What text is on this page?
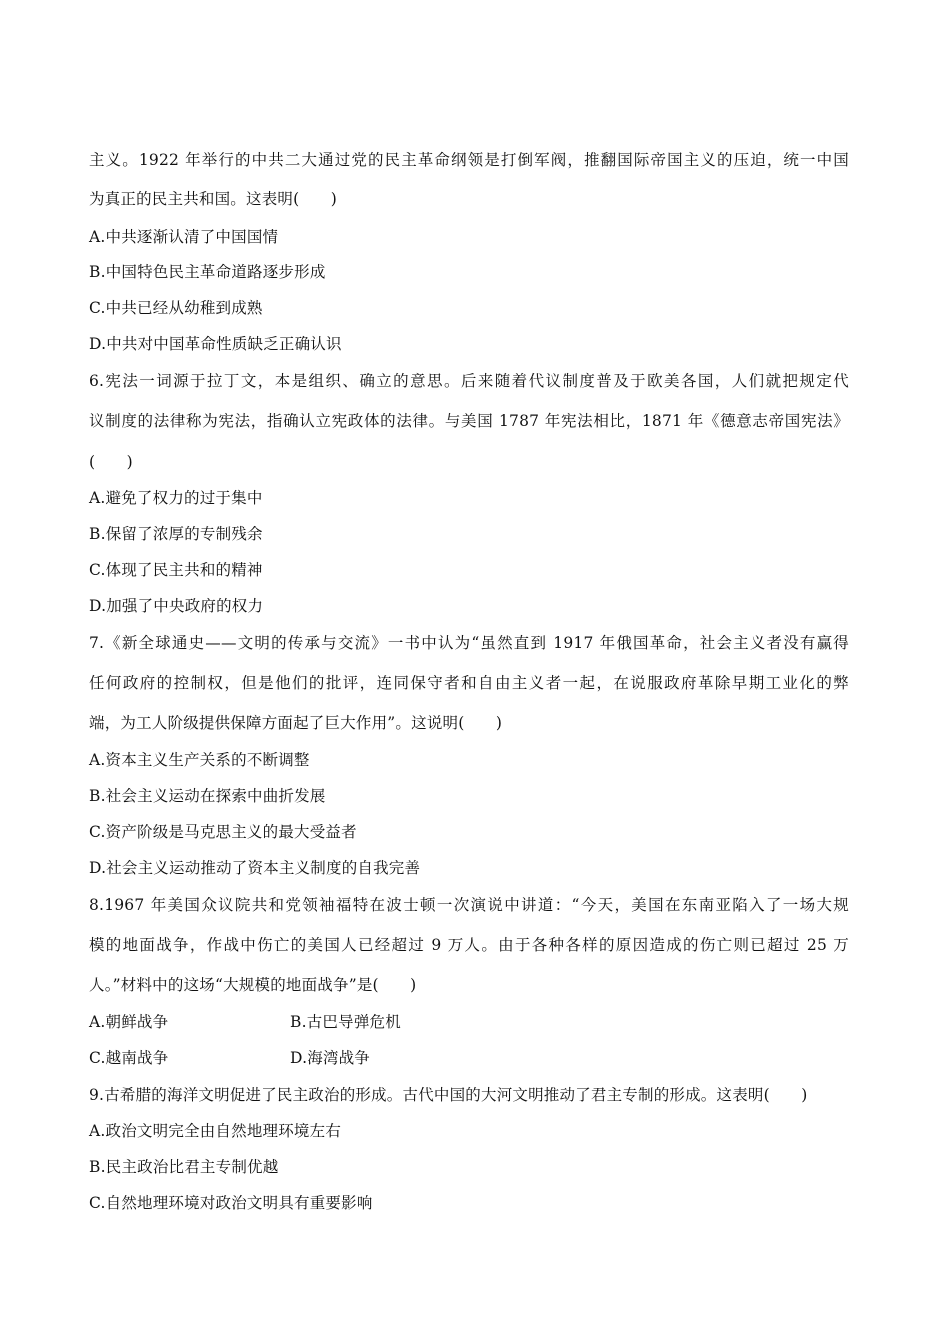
主义。1922 年举行的中共二大通过党的民主革命纲领是打倒军阀，推翻国际帝国主义的压迫，统一中国
为真正的民主共和国。这表明(　　)
A.中共逐渐认清了中国国情
B.中国特色民主革命道路逐步形成
C.中共已经从幼稚到成熟
D.中共对中国革命性质缺乏正确认识
6.宪法一词源于拉丁文，本是组织、确立的意思。后来随着代议制度普及于欧美各国，人们就把规定代
议制度的法律称为宪法，指确认立宪政体的法律。与美国 1787 年宪法相比，1871 年《德意志帝国宪法》
(　　)
A.避免了权力的过于集中
B.保留了浓厚的专制残余
C.体现了民主共和的精神
D.加强了中央政府的权力
7.《新全球通史——文明的传承与交流》一书中认为“虽然直到 1917 年俄国革命，社会主义者没有赢得
任何政府的控制权，但是他们的批评，连同保守者和自由主义者一起，在说服政府革除早期工业化的弊
端，为工人阶级提供保障方面起了巨大作用”。这说明(　　)
A.资本主义生产关系的不断调整
B.社会主义运动在探索中曲折发展
C.资产阶级是马克思主义的最大受益者
D.社会主义运动推动了资本主义制度的自我完善
8.1967 年美国众议院共和党领袖福特在波士顿一次演说中讲道：“今天，美国在东南亚陷入了一场大规
模的地面战争，作战中伤亡的美国人已经超过 9 万人。由于各种各样的原因造成的伤亡则已超过 25 万
人。”材料中的这场“大规模的地面战争”是(　　)
A.朝鲜战争	B.古巴导弹危机
C.越南战争	D.海湾战争
9.古希腊的海洋文明促进了民主政治的形成。古代中国的大河文明推动了君主专制的形成。这表明(　　)
A.政治文明完全由自然地理环境左右
B.民主政治比君主专制优越
C.自然地理环境对政治文明具有重要影响
